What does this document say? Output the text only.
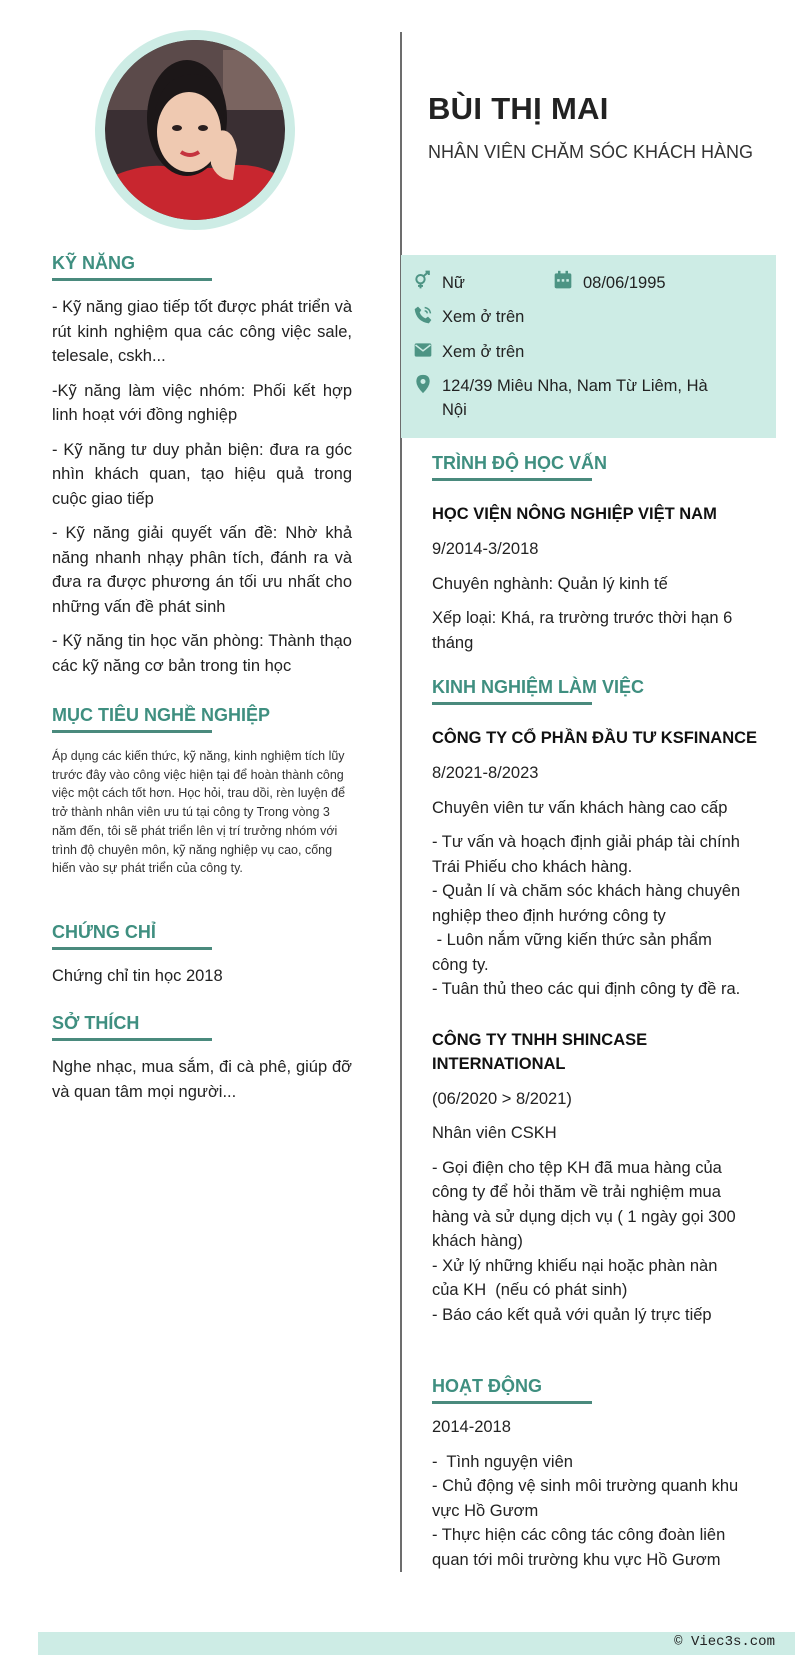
BÙI THỊ MAI
NHÂN VIÊN CHĂM SÓC KHÁCH HÀNG
KỸ NĂNG

- Kỹ năng giao tiếp tốt được phát triển và rút kinh nghiệm qua các công việc sale, telesale, cskh...

-Kỹ năng làm việc nhóm: Phối kết hợp linh hoạt với đồng nghiệp

- Kỹ năng tư duy phản biện: đưa ra góc nhìn khách quan, tạo hiệu quả trong cuộc giao tiếp

- Kỹ năng giải quyết vấn đề: Nhờ khả năng nhanh nhạy phân tích, đánh ra và đưa ra được phương án tối ưu nhất cho những vấn đề phát sinh

- Kỹ năng tin học văn phòng: Thành thạo các kỹ năng cơ bản trong tin học

MỤC TIÊU NGHỀ NGHIỆP
Áp dụng các kiến thức, kỹ năng, kinh nghiệm tích lũy trước đây vào công việc hiện tại để hoàn thành công việc một cách tốt hơn. Học hỏi, trau dồi, rèn luyện để trở thành nhân viên ưu tú tại công ty Trong vòng 3 năm đến, tôi sẽ phát triển lên vị trí trưởng nhóm với trình độ chuyên môn, kỹ năng nghiệp vụ cao, cống hiến vào sự phát triển của công ty.
CHỨNG CHỈ
Chứng chỉ tin học 2018
SỞ THÍCH
Nghe nhạc, mua sắm, đi cà phê, giúp đỡ và quan tâm mọi người...
Nữ	08/06/1995
Xem ở trên
Xem ở trên
124/39 Miêu Nha, Nam Từ Liêm, Hà
Nội
TRÌNH ĐỘ HỌC VẤN

HỌC VIỆN NÔNG NGHIỆP VIỆT NAM

9/2014-3/2018

Chuyên nghành: Quản lý kinh tế

Xếp loại: Khá, ra trường trước thời hạn 6

tháng

KINH NGHIỆM LÀM VIỆC

CÔNG TY CỔ PHẦN ĐẦU TƯ KSFINANCE

8/2021-8/2023

Chuyên viên tư vấn khách hàng cao cấp

- Tư vấn và hoạch định giải pháp tài chính

Trái Phiếu cho khách hàng.

- Quản lí và chăm sóc khách hàng chuyên

nghiệp theo định hướng công ty

- Luôn nắm vững kiến thức sản phẩm

công ty.

- Tuân thủ theo các qui định công ty đề ra.

CÔNG TY TNHH SHINCASE

INTERNATIONAL

(06/2020 > 8/2021)

Nhân viên CSKH

- Gọi điện cho tệp KH đã mua hàng của

công ty để hỏi thăm về trải nghiệm mua

hàng và sử dụng dịch vụ ( 1 ngày gọi 300

khách hàng)

- Xử lý những khiếu nại hoặc phàn nàn

của KH  (nếu có phát sinh)

- Báo cáo kết quả với quản lý trực tiếp

HOẠT ĐỘNG

2014-2018

-  Tình nguyện viên

- Chủ động vệ sinh môi trường quanh khu

vực Hồ Gươm

- Thực hiện các công tác công đoàn liên

quan tới môi trường khu vực Hồ Gươm

© Viec3s.com
